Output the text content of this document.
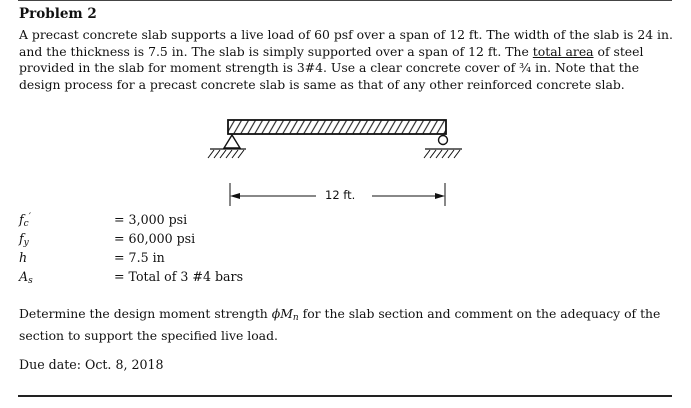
Problem 2
A precast concrete slab supports a live load of 60 psf over a span of 12 ft. The width of the slab is 24 in. and the thickness is 7.5 in. The slab is simply supported over a span of 12 ft. The total area of steel provided in the slab for moment strength is 3#4. Use a clear concrete cover of ¾ in. Note that the design process for a precast concrete slab is same as that of any other reinforced concrete slab.
12 ft.
$f_c'$	= 3,000 psi
$f_y$	= 60,000 psi
h	= 7.5 in
$A_s$	= Total of 3 #4 bars
Determine the design moment strength $\phi M_n$ for the slab section and comment on the adequacy of the section to support the specified live load.
Due date: Oct. 8, 2018
